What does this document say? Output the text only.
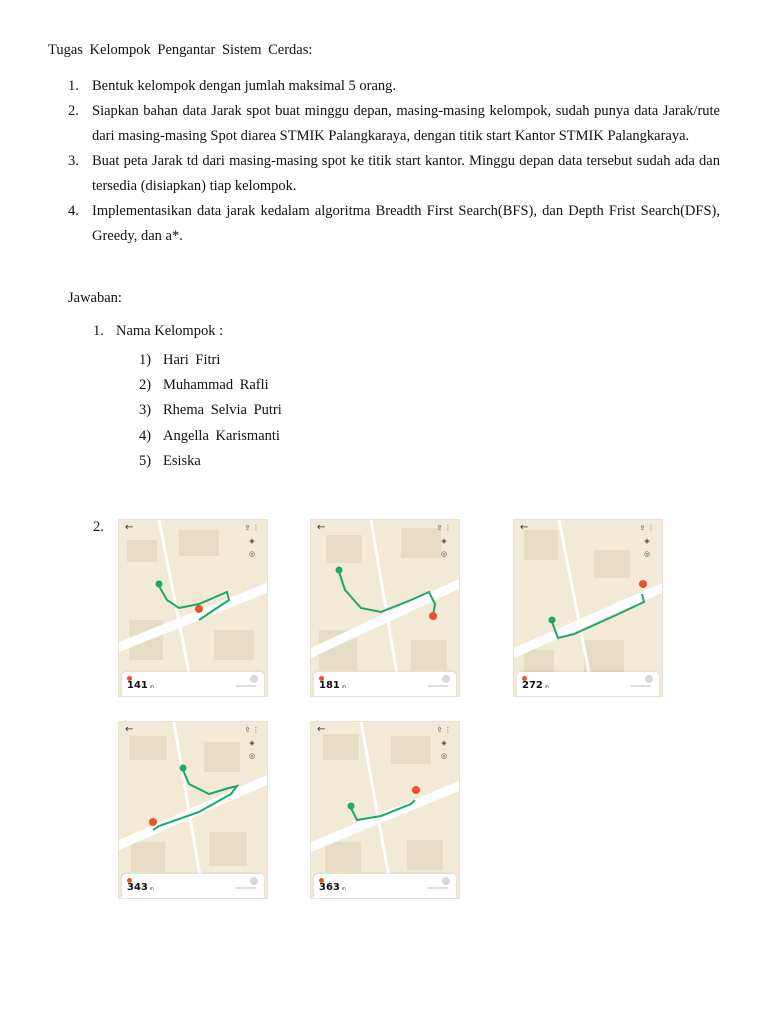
Tugas Kelompok Pengantar Sistem Cerdas:
1. Bentuk kelompok dengan jumlah maksimal 5 orang.
2. Siapkan bahan data Jarak spot buat minggu depan, masing-masing kelompok, sudah punya data Jarak/rute dari masing-masing Spot diarea STMIK Palangkaraya, dengan titik start Kantor STMIK Palangkaraya.
3. Buat peta Jarak td dari masing-masing spot ke titik start kantor. Minggu depan data tersebut sudah ada dan tersedia (disiapkan) tiap kelompok.
4. Implementasikan data jarak kedalam algoritma Breadth First Search(BFS), dan Depth Frist Search(DFS), Greedy, dan a*.
Jawaban:
1. Nama Kelompok :
1) Hari Fitri
2) Muhammad Rafli
3) Rhema Selvia Putri
4) Angella Karismanti
5) Esiska
2. ←	⇪ ⋮
◈
◎
141 m
←	⇪ ⋮
◈
◎
181 m
←	⇪ ⋮
◈
◎
272 m
←	⇪ ⋮
◈
◎
343 m
←	⇪ ⋮
◈
◎
363 m
